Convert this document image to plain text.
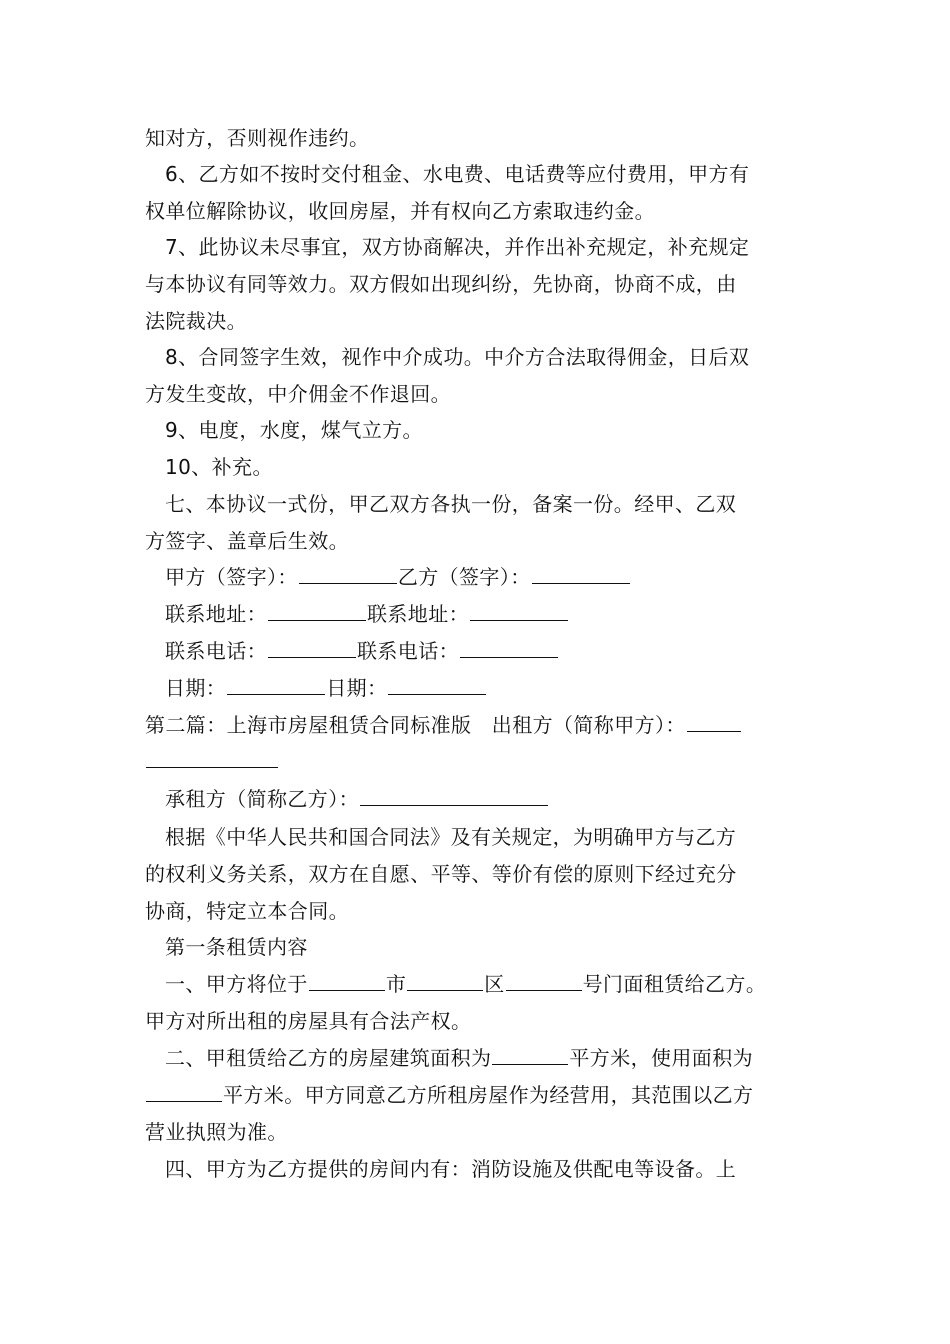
知对方，否则视作违约。
6、乙方如不按时交付租金、水电费、电话费等应付费用，甲方有
权单位解除协议，收回房屋，并有权向乙方索取违约金。
7、此协议未尽事宜，双方协商解决，并作出补充规定，补充规定
与本协议有同等效力。双方假如出现纠纷，先协商，协商不成，由
法院裁决。
8、合同签字生效，视作中介成功。中介方合法取得佣金，日后双
方发生变故，中介佣金不作退回。
9、电度，水度，煤气立方。
10、补充。
七、本协议一式份，甲乙双方各执一份，备案一份。经甲、乙双
方签字、盖章后生效。
甲方（签字）：	乙方（签字）：
联系地址：	联系地址：
联系电话：	联系电话：
日期：	日期：
第二篇：上海市房屋租赁合同标准版　出租方（简称甲方）：
承租方（简称乙方）：
根据《中华人民共和国合同法》及有关规定，为明确甲方与乙方
的权利义务关系，双方在自愿、平等、等价有偿的原则下经过充分
协商，特定立本合同。
第一条租赁内容
一、甲方将位于	市	区	号门面租赁给乙方。
甲方对所出租的房屋具有合法产权。
二、甲租赁给乙方的房屋建筑面积为	平方米，使用面积为
平方米。甲方同意乙方所租房屋作为经营用，其范围以乙方
营业执照为准。
四、甲方为乙方提供的房间内有：消防设施及供配电等设备。上
